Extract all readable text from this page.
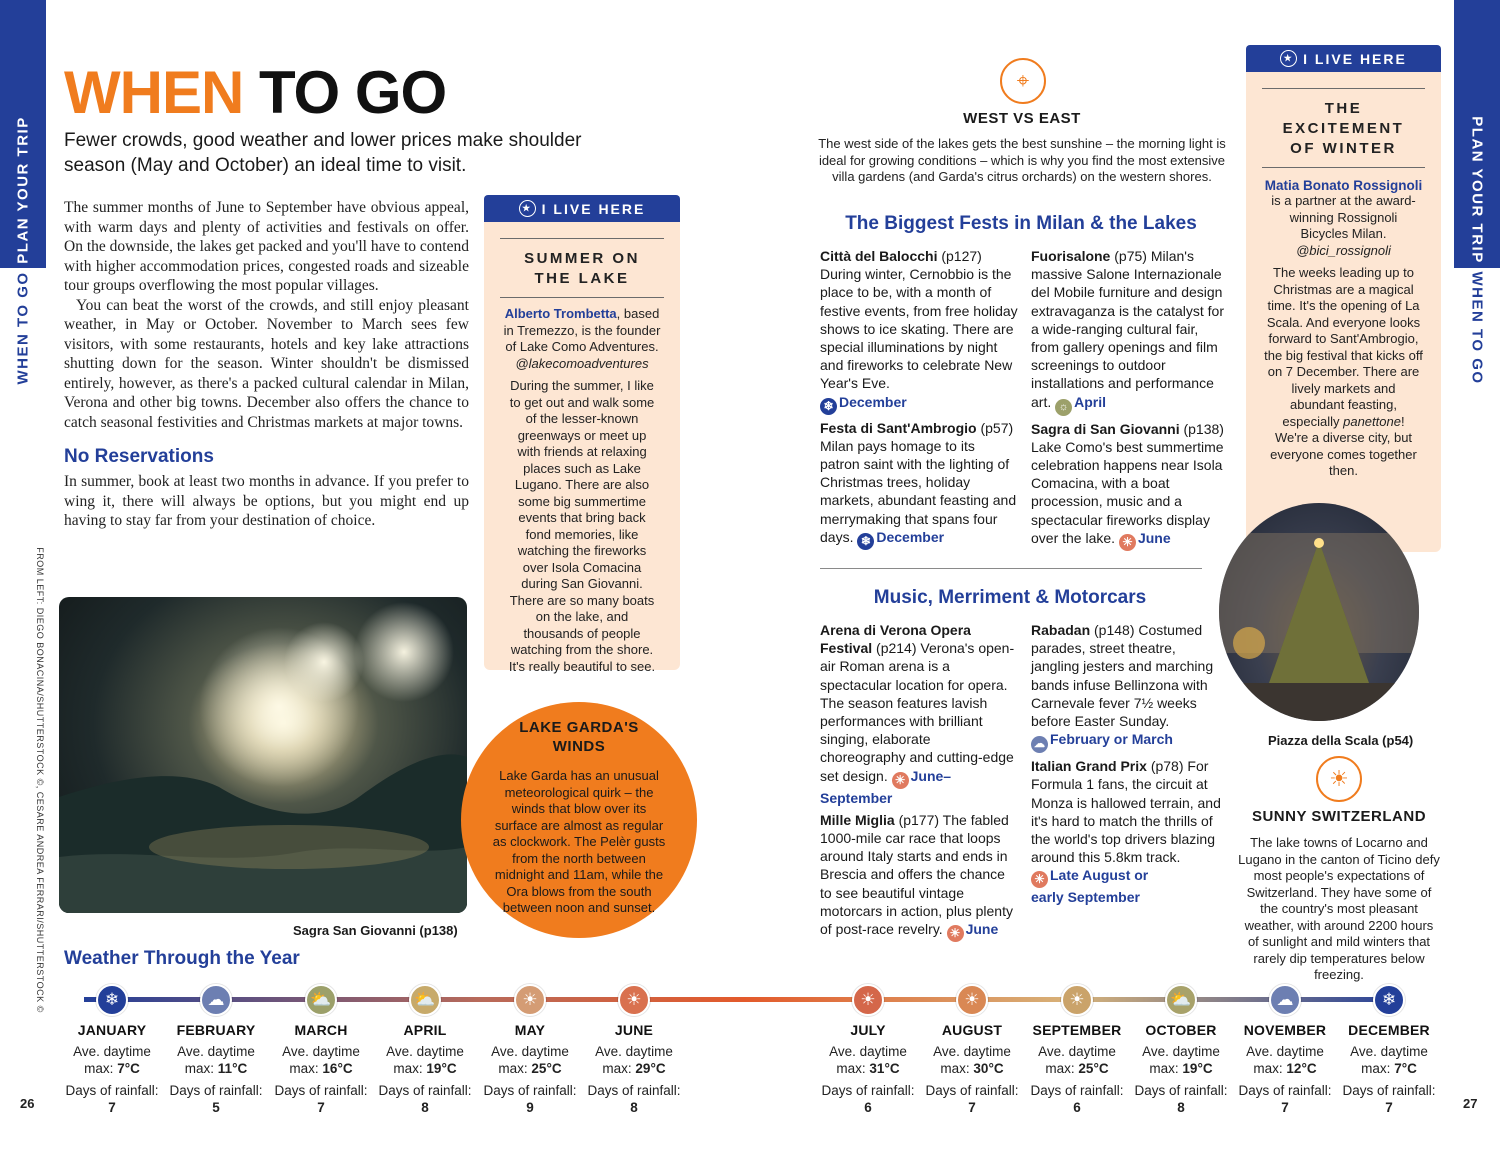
PLAN YOUR TRIP
WHEN TO GO
PLAN YOUR TRIP
WHEN TO GO
26	27
FROM LEFT: DIEGO BONACINA/SHUTTERSTOCK ©, CESARE ANDREA FERRARI/SHUTTERSTOCK ©
WHEN TO GO
Fewer crowds, good weather and lower prices make shoulder season (May and October) an ideal time to visit.

The summer months of June to September have obvious appeal, with warm days and plenty of activities and festivals on offer. On the downside, the lakes get packed and you'll have to contend with higher accommodation prices, congested roads and sizeable tour groups overflowing the most popular villages.

You can beat the worst of the crowds, and still enjoy pleasant weather, in May or October. November to March sees few visitors, with some restaurants, hotels and key lake attractions shutting down for the season. Winter shouldn't be dismissed entirely, however, as there's a packed cultural calendar in Milan, Verona and other big towns. December also offers the chance to catch seasonal festivities and Christmas markets at major towns.

No Reservations

In summer, book at least two months in advance. If you prefer to wing it, there will always be options, but you might end up having to stay far from your destination of choice.

Sagra San Giovanni (p138)
★ I LIVE HERE
SUMMER ON
THE LAKE
Alberto Trombetta, based in Tremezzo, is the founder of Lake Como Adventures.
@lakecomoadventures
During the summer, I like to get out and walk some of the lesser-known greenways or meet up with friends at relaxing places such as Lake Lugano. There are also some big summertime events that bring back fond memories, like watching the fireworks over Isola Comacina during San Giovanni. There are so many boats on the lake, and thousands of people watching from the shore. It's really beautiful to see.
LAKE GARDA'S
WINDS
Lake Garda has an unusual meteorological quirk – the winds that blow over its surface are almost as regular as clockwork. The Pelèr gusts from the north between midnight and 11am, while the Ora blows from the south between noon and sunset.
⌖
WEST VS EAST
The west side of the lakes gets the best sunshine – the morning light is ideal for growing conditions – which is why you find the most extensive villa gardens (and Garda's citrus orchards) on the western shores.
The Biggest Fests in Milan & the Lakes
Città del Balocchi (p127) During winter, Cernobbio is the place to be, with a month of festive events, from free holiday shows to ice skating. There are special illuminations by night and fireworks to celebrate New Year's Eve.
❄ December
Festa di Sant'Ambrogio (p57) Milan pays homage to its patron saint with the lighting of Christmas trees, holiday markets, abundant feasting and merrymaking that spans four days. ❄ December
Fuorisalone (p75) Milan's massive Salone Internazionale del Mobile furniture and design extravaganza is the catalyst for a wide-ranging cultural fair, from gallery openings and film screenings to outdoor installations and performance art. ☼ April
Sagra di San Giovanni (p138) Lake Como's best summertime celebration happens near Isola Comacina, with a boat procession, music and a spectacular fireworks display over the lake. ☀ June
Music, Merriment & Motorcars
Arena di Verona Opera Festival (p214) Verona's open-air Roman arena is a spectacular location for opera. The season features lavish performances with brilliant singing, elaborate choreography and cutting-edge set design. ☀ June–September
Mille Miglia (p177) The fabled 1000-mile car race that loops around Italy starts and ends in Brescia and offers the chance to see beautiful vintage motorcars in action, plus plenty of post-race revelry. ☀ June
Rabadan (p148) Costumed parades, street theatre, jangling jesters and marching bands infuse Bellinzona with Carnevale fever 7½ weeks before Easter Sunday.
☁ February or March
Italian Grand Prix (p78) For Formula 1 fans, the circuit at Monza is hallowed terrain, and it's hard to match the thrills of the world's top drivers blazing around this 5.8km track.
☀ Late August or
early September
★ I LIVE HERE
THE
EXCITEMENT
OF WINTER
Matia Bonato Rossignoli
is a partner at the award-winning Rossignoli Bicycles Milan.
@bici_rossignoli
The weeks leading up to Christmas are a magical time. It's the opening of La Scala. And everyone looks forward to Sant'Ambrogio, the big festival that kicks off on 7 December. There are lively markets and abundant feasting, especially panettone! We're a diverse city, but everyone comes together then.
Piazza della Scala (p54)
☀
SUNNY SWITZERLAND
The lake towns of Locarno and Lugano in the canton of Ticino defy most people's expectations of Switzerland. They have some of the country's most pleasant weather, with around 2200 hours of sunlight and mild winters that rarely dip temperatures below freezing.
Weather Through the Year
❄
JANUARY
Ave. daytime
max: 7°C
Days of rainfall:
7
☁
FEBRUARY
Ave. daytime
max: 11°C
Days of rainfall:
5
⛅
MARCH
Ave. daytime
max: 16°C
Days of rainfall:
7
⛅
APRIL
Ave. daytime
max: 19°C
Days of rainfall:
8
☀
MAY
Ave. daytime
max: 25°C
Days of rainfall:
9
☀
JUNE
Ave. daytime
max: 29°C
Days of rainfall:
8
☀
JULY
Ave. daytime
max: 31°C
Days of rainfall:
6
☀
AUGUST
Ave. daytime
max: 30°C
Days of rainfall:
7
☀
SEPTEMBER
Ave. daytime
max: 25°C
Days of rainfall:
6
⛅
OCTOBER
Ave. daytime
max: 19°C
Days of rainfall:
8
☁
NOVEMBER
Ave. daytime
max: 12°C
Days of rainfall:
7
❄
DECEMBER
Ave. daytime
max: 7°C
Days of rainfall:
7
